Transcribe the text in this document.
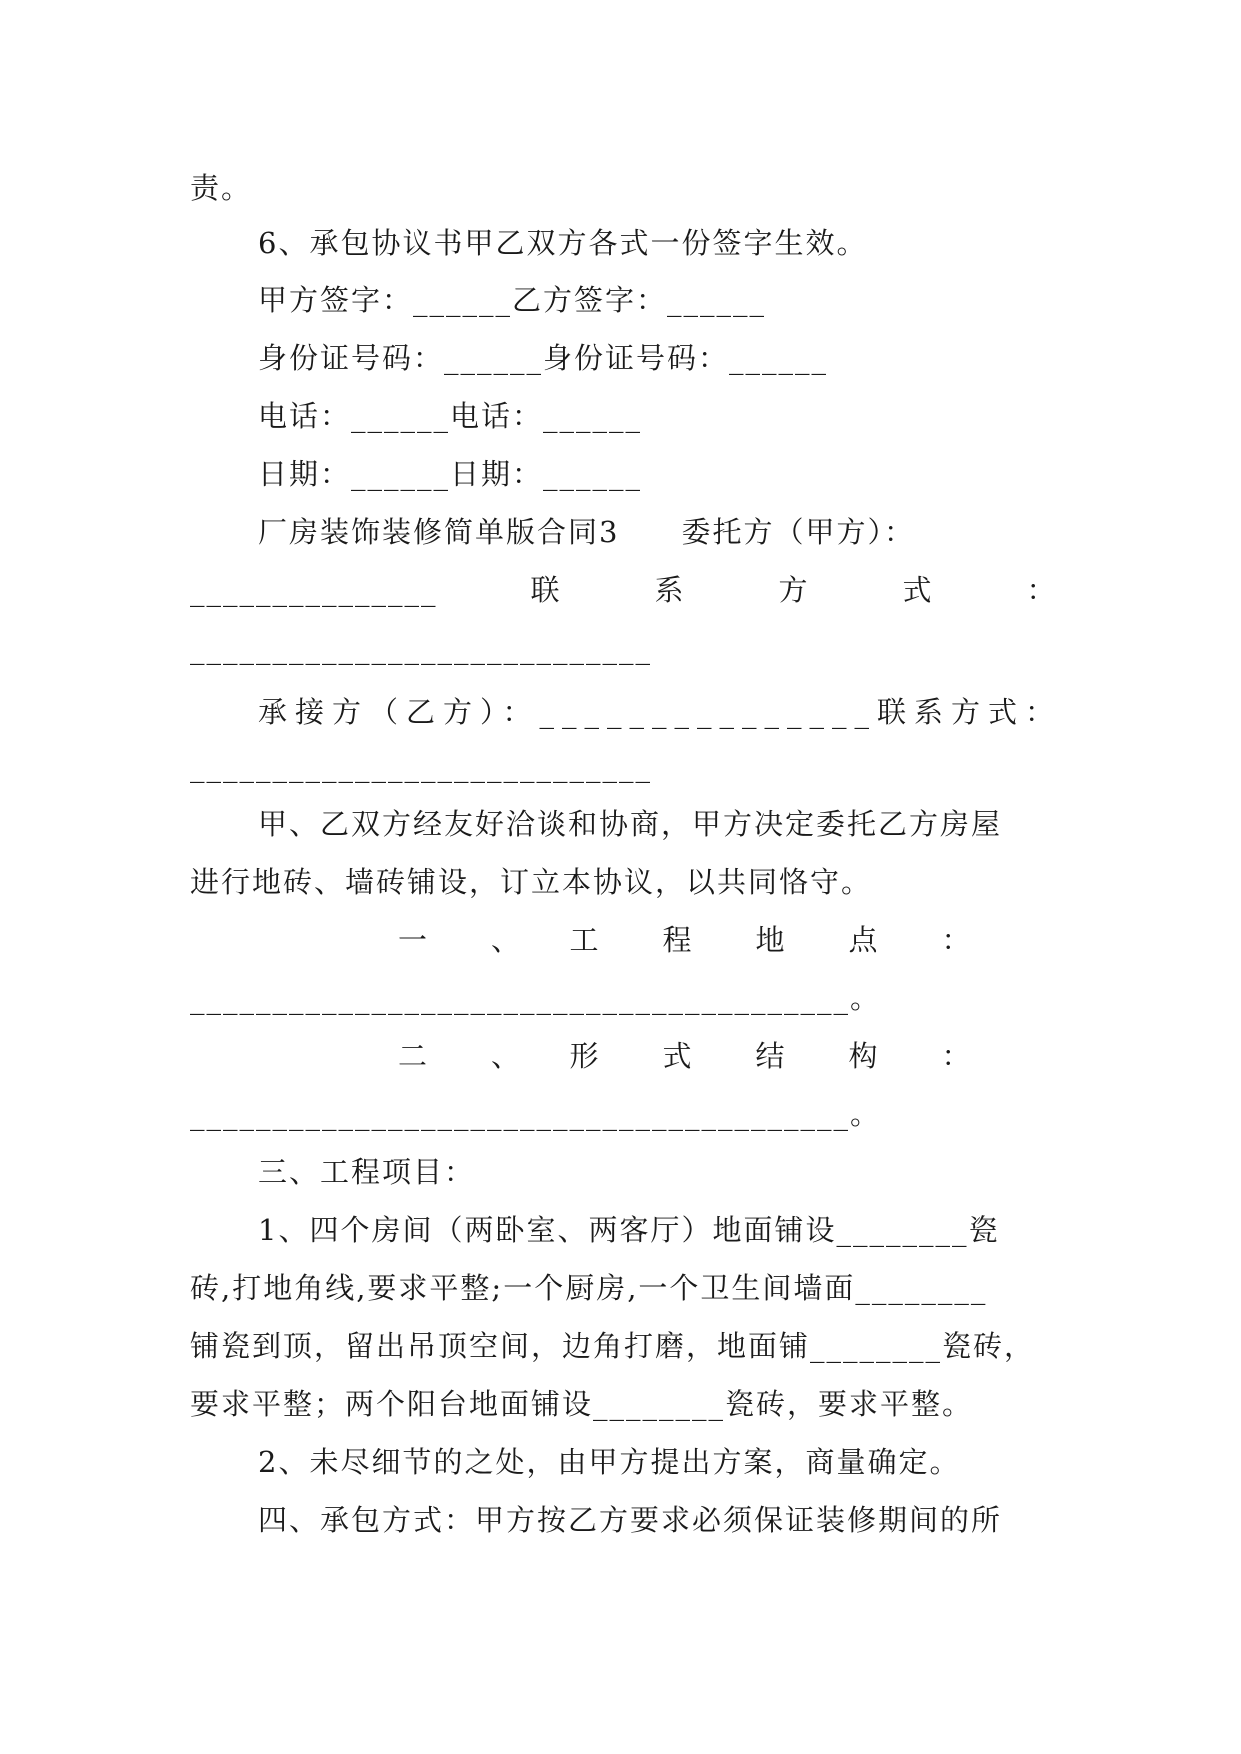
责。
6、承包协议书甲乙双方各式一份签字生效。
甲方签字：______乙方签字：______
身份证号码：______身份证号码：______
电话：______电话：______
日期：______日期：______
厂房装饰装修简单版合同3　　委托方（甲方）：
_______________　　　联　　　系　　　方　　　式　　　：
____________________________
承接方（乙方）：_______________联系方式：
____________________________
甲、乙双方经友好洽谈和协商，甲方决定委托乙方房屋
进行地砖、墙砖铺设，订立本协议，以共同恪守。
一　　、　　工　　程　　地　　点　　：
________________________________________。
二　　、　　形　　式　　结　　构　　：
________________________________________。
三、工程项目：
1、四个房间（两卧室、两客厅）地面铺设________瓷
砖,打地角线,要求平整;一个厨房,一个卫生间墙面________
铺瓷到顶，留出吊顶空间，边角打磨，地面铺________瓷砖，
要求平整；两个阳台地面铺设________瓷砖，要求平整。
2、未尽细节的之处，由甲方提出方案，商量确定。
四、承包方式：甲方按乙方要求必须保证装修期间的所
